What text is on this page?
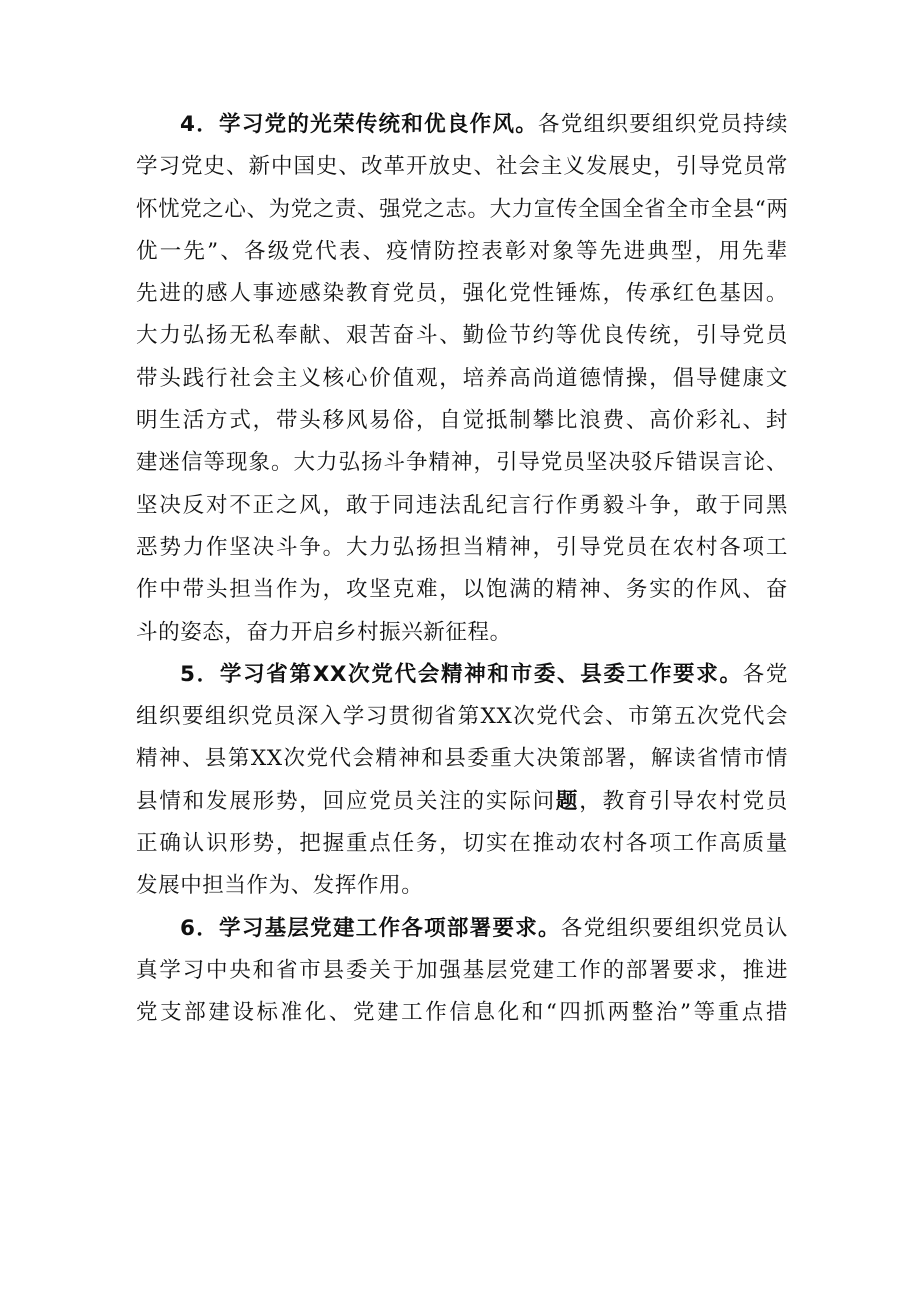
4．学习党的光荣传统和优良作风。各党组织要组织党员持续
学习党史、新中国史、改革开放史、社会主义发展史，引导党员常
怀忧党之心、为党之责、强党之志。大力宣传全国全省全市全县“两
优一先”、各级党代表、疫情防控表彰对象等先进典型，用先辈
先进的感人事迹感染教育党员，强化党性锤炼，传承红色基因。
大力弘扬无私奉献、艰苦奋斗、勤俭节约等优良传统，引导党员
带头践行社会主义核心价值观，培养高尚道德情操，倡导健康文
明生活方式，带头移风易俗，自觉抵制攀比浪费、高价彩礼、封
建迷信等现象。大力弘扬斗争精神，引导党员坚决驳斥错误言论、
坚决反对不正之风，敢于同违法乱纪言行作勇毅斗争，敢于同黑
恶势力作坚决斗争。大力弘扬担当精神，引导党员在农村各项工
作中带头担当作为，攻坚克难，以饱满的精神、务实的作风、奋
斗的姿态，奋力开启乡村振兴新征程。
5．学习省第XX次党代会精神和市委、县委工作要求。各党
组织要组织党员深入学习贯彻省第XX次党代会、市第五次党代会
精神、县第XX次党代会精神和县委重大决策部署，解读省情市情
县情和发展形势，回应党员关注的实际问题，教育引导农村党员
正确认识形势，把握重点任务，切实在推动农村各项工作高质量
发展中担当作为、发挥作用。
6．学习基层党建工作各项部署要求。各党组织要组织党员认
真学习中央和省市县委关于加强基层党建工作的部署要求，推进
党支部建设标准化、党建工作信息化和“四抓两整治”等重点措
